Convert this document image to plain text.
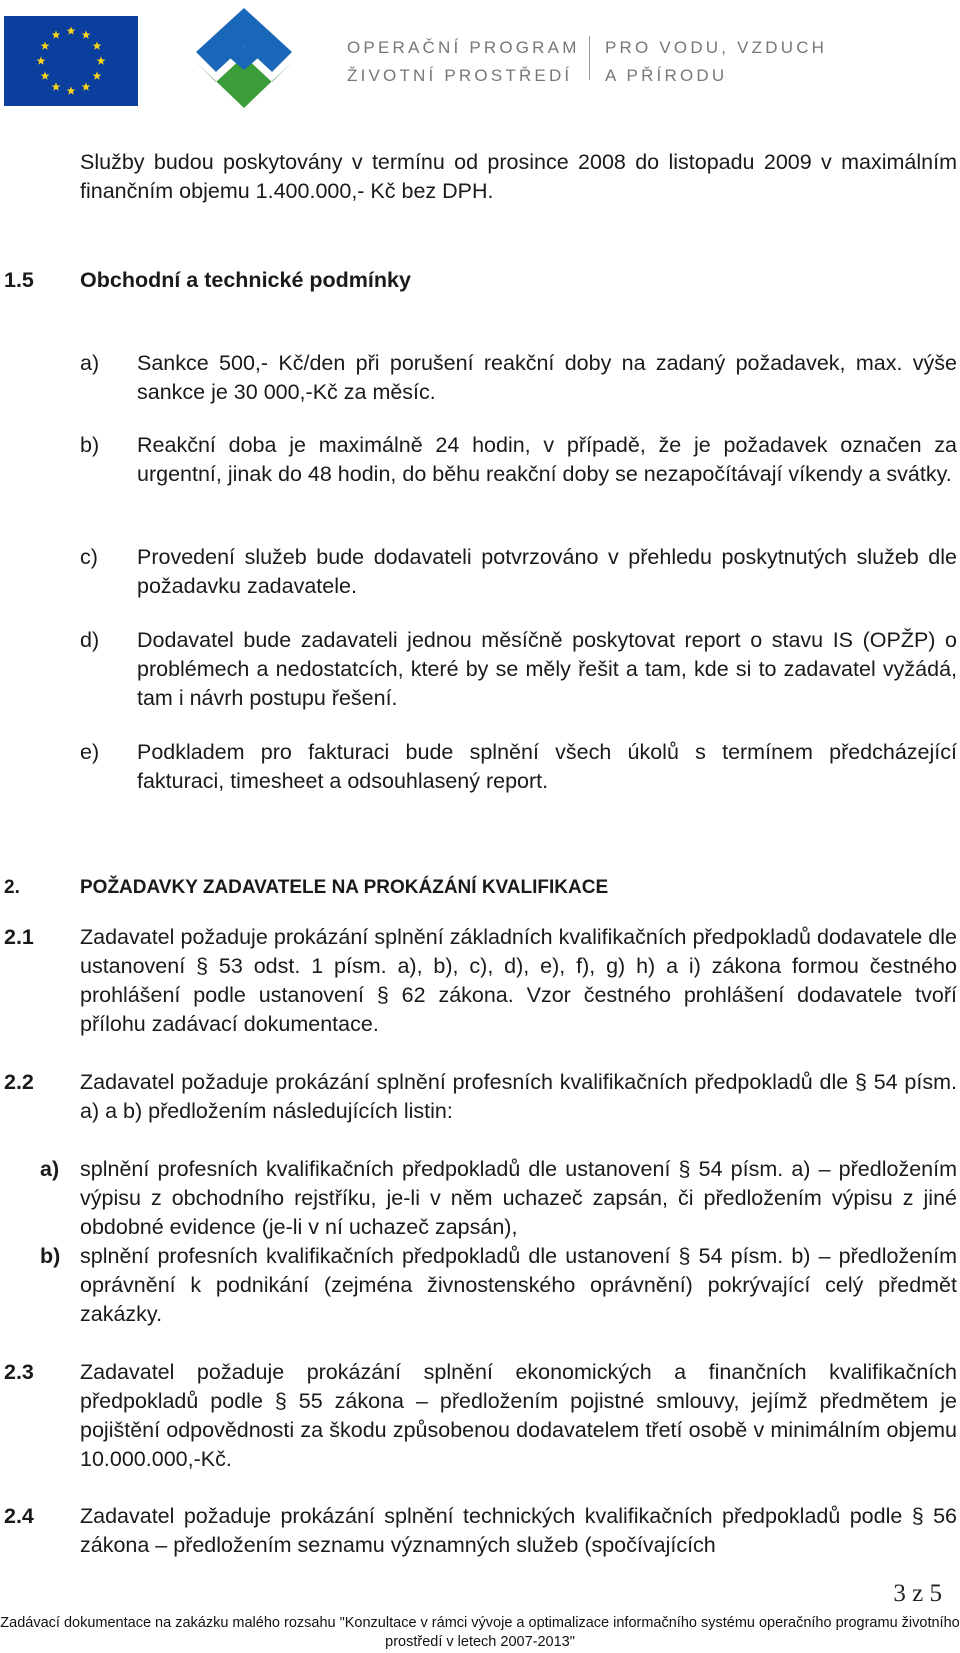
OPERAČNÍ PROGRAM
ŽIVOTNÍ PROSTŘEDÍ
PRO VODU, VZDUCH
A PŘÍRODU
Služby budou poskytovány v termínu od prosince 2008 do listopadu 2009 v maximálním finančním objemu 1.400.000,- Kč bez DPH.
1.5 Obchodní a technické podmínky
a) Sankce 500,- Kč/den při porušení reakční doby na zadaný požadavek, max. výše sankce je 30 000,-Kč za měsíc.
b) Reakční doba je maximálně 24 hodin, v případě, že je požadavek označen za urgentní, jinak do 48 hodin, do běhu reakční doby se nezapočítávají víkendy a svátky.
c) Provedení služeb bude dodavateli potvrzováno v přehledu poskytnutých služeb dle požadavku zadavatele.
d) Dodavatel bude zadavateli jednou měsíčně poskytovat report o stavu IS (OPŽP) o problémech a nedostatcích, které by se měly řešit a tam, kde si to zadavatel vyžádá, tam i návrh postupu řešení.
e) Podkladem pro fakturaci bude splnění všech úkolů s termínem předcházející fakturaci, timesheet a odsouhlasený report.
2.	POŽADAVKY ZADAVATELE NA PROKÁZÁNÍ KVALIFIKACE
2.1 Zadavatel požaduje prokázání splnění základních kvalifikačních předpokladů dodavatele dle ustanovení § 53 odst. 1 písm. a), b), c), d), e), f), g) h) a i) zákona formou čestného prohlášení podle ustanovení § 62 zákona. Vzor čestného prohlášení dodavatele tvoří přílohu zadávací dokumentace.
2.2 Zadavatel požaduje prokázání splnění profesních kvalifikačních předpokladů dle § 54 písm. a) a b) předložením následujících listin:
a) splnění profesních kvalifikačních předpokladů dle ustanovení § 54 písm. a) – předložením výpisu z obchodního rejstříku, je-li v něm uchazeč zapsán, či předložením výpisu z jiné obdobné evidence (je-li v ní uchazeč zapsán),
b) splnění profesních kvalifikačních předpokladů dle ustanovení § 54 písm. b) – předložením oprávnění k podnikání (zejména živnostenského oprávnění) pokrývající celý předmět zakázky.
2.3 Zadavatel požaduje prokázání splnění ekonomických a finančních kvalifikačních předpokladů podle § 55 zákona – předložením pojistné smlouvy, jejímž předmětem je pojištění odpovědnosti za škodu způsobenou dodavatelem třetí osobě v minimálním objemu 10.000.000,-Kč.
2.4 Zadavatel požaduje prokázání splnění technických kvalifikačních předpokladů podle § 56 zákona – předložením seznamu významných služeb (spočívajících
3 z 5
Zadávací dokumentace na zakázku malého rozsahu "Konzultace v rámci vývoje a optimalizace informačního systému operačního programu životního prostředí v letech 2007-2013"
